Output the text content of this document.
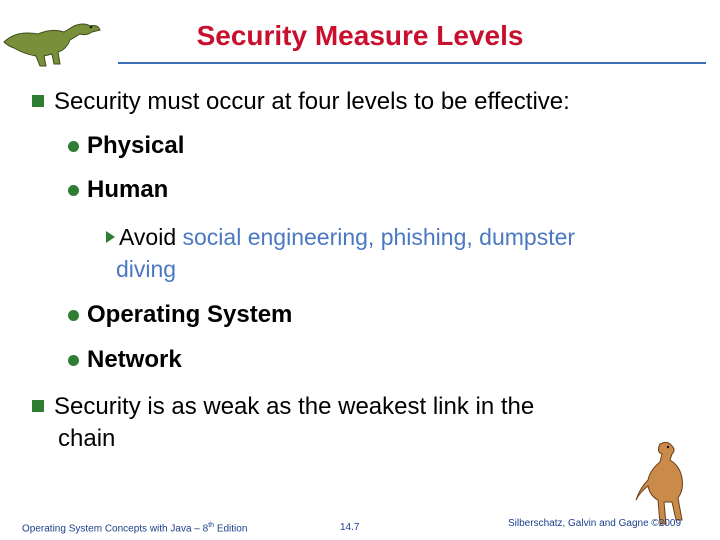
Security Measure Levels
Security must occur at four levels to be effective:
Physical
Human
Avoid social engineering, phishing, dumpster
diving
Operating System
Network
Security is as weak as the weakest link in the
chain
Operating System Concepts with Java – 8th Edition	14.7	Silberschatz, Galvin and Gagne ©2009
